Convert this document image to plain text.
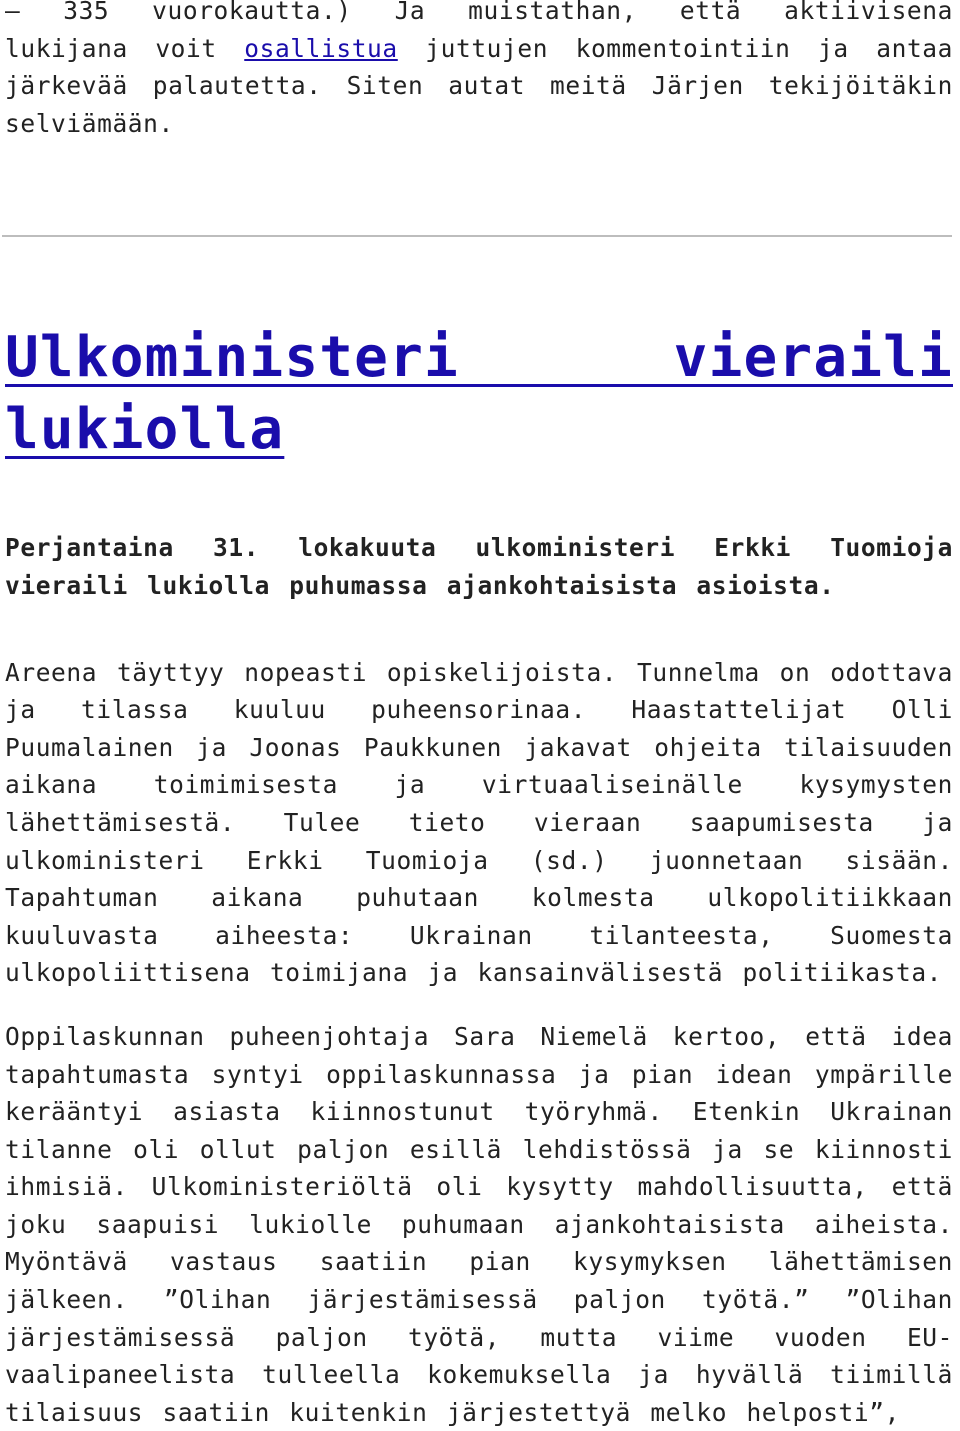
– 335 vuorokautta.) Ja muistathan, että aktiivisena lukijana voit osallistua juttujen kommentointiin ja antaa järkevää palautetta. Siten autat meitä Järjen tekijöitäkin selviämään.

Ulkoministeri vieraili lukiolla

Perjantaina 31. lokakuuta ulkoministeri Erkki Tuomioja vieraili lukiolla puhumassa ajankohtaisista asioista.

Areena täyttyy nopeasti opiskelijoista. Tunnelma on odottava ja tilassa kuuluu puheensorinaa. Haastattelijat Olli Puumalainen ja Joonas Paukkunen jakavat ohjeita tilaisuuden aikana toimimisesta ja virtuaaliseinälle kysymysten lähettämisestä. Tulee tieto vieraan saapumisesta ja ulkoministeri Erkki Tuomioja (sd.) juonnetaan sisään. Tapahtuman aikana puhutaan kolmesta ulkopolitiikkaan kuuluvasta aiheesta: Ukrainan tilanteesta, Suomesta ulkopoliittisena toimijana ja kansainvälisestä politiikasta.

Oppilaskunnan puheenjohtaja Sara Niemelä kertoo, että idea tapahtumasta syntyi oppilaskunnassa ja pian idean ympärille kerääntyi asiasta kiinnostunut työryhmä. Etenkin Ukrainan tilanne oli ollut paljon esillä lehdistössä ja se kiinnosti ihmisiä. Ulkoministeriöltä oli kysytty mahdollisuutta, että joku saapuisi lukiolle puhumaan ajankohtaisista aiheista. Myöntävä vastaus saatiin pian kysymyksen lähettämisen jälkeen. ”Olihan järjestämisessä paljon työtä.” ”Olihan järjestämisessä paljon työtä, mutta viime vuoden EU-vaalipaneelista tulleella kokemuksella ja hyvällä tiimillä tilaisuus saatiin kuitenkin järjestettyä melko helposti”,
